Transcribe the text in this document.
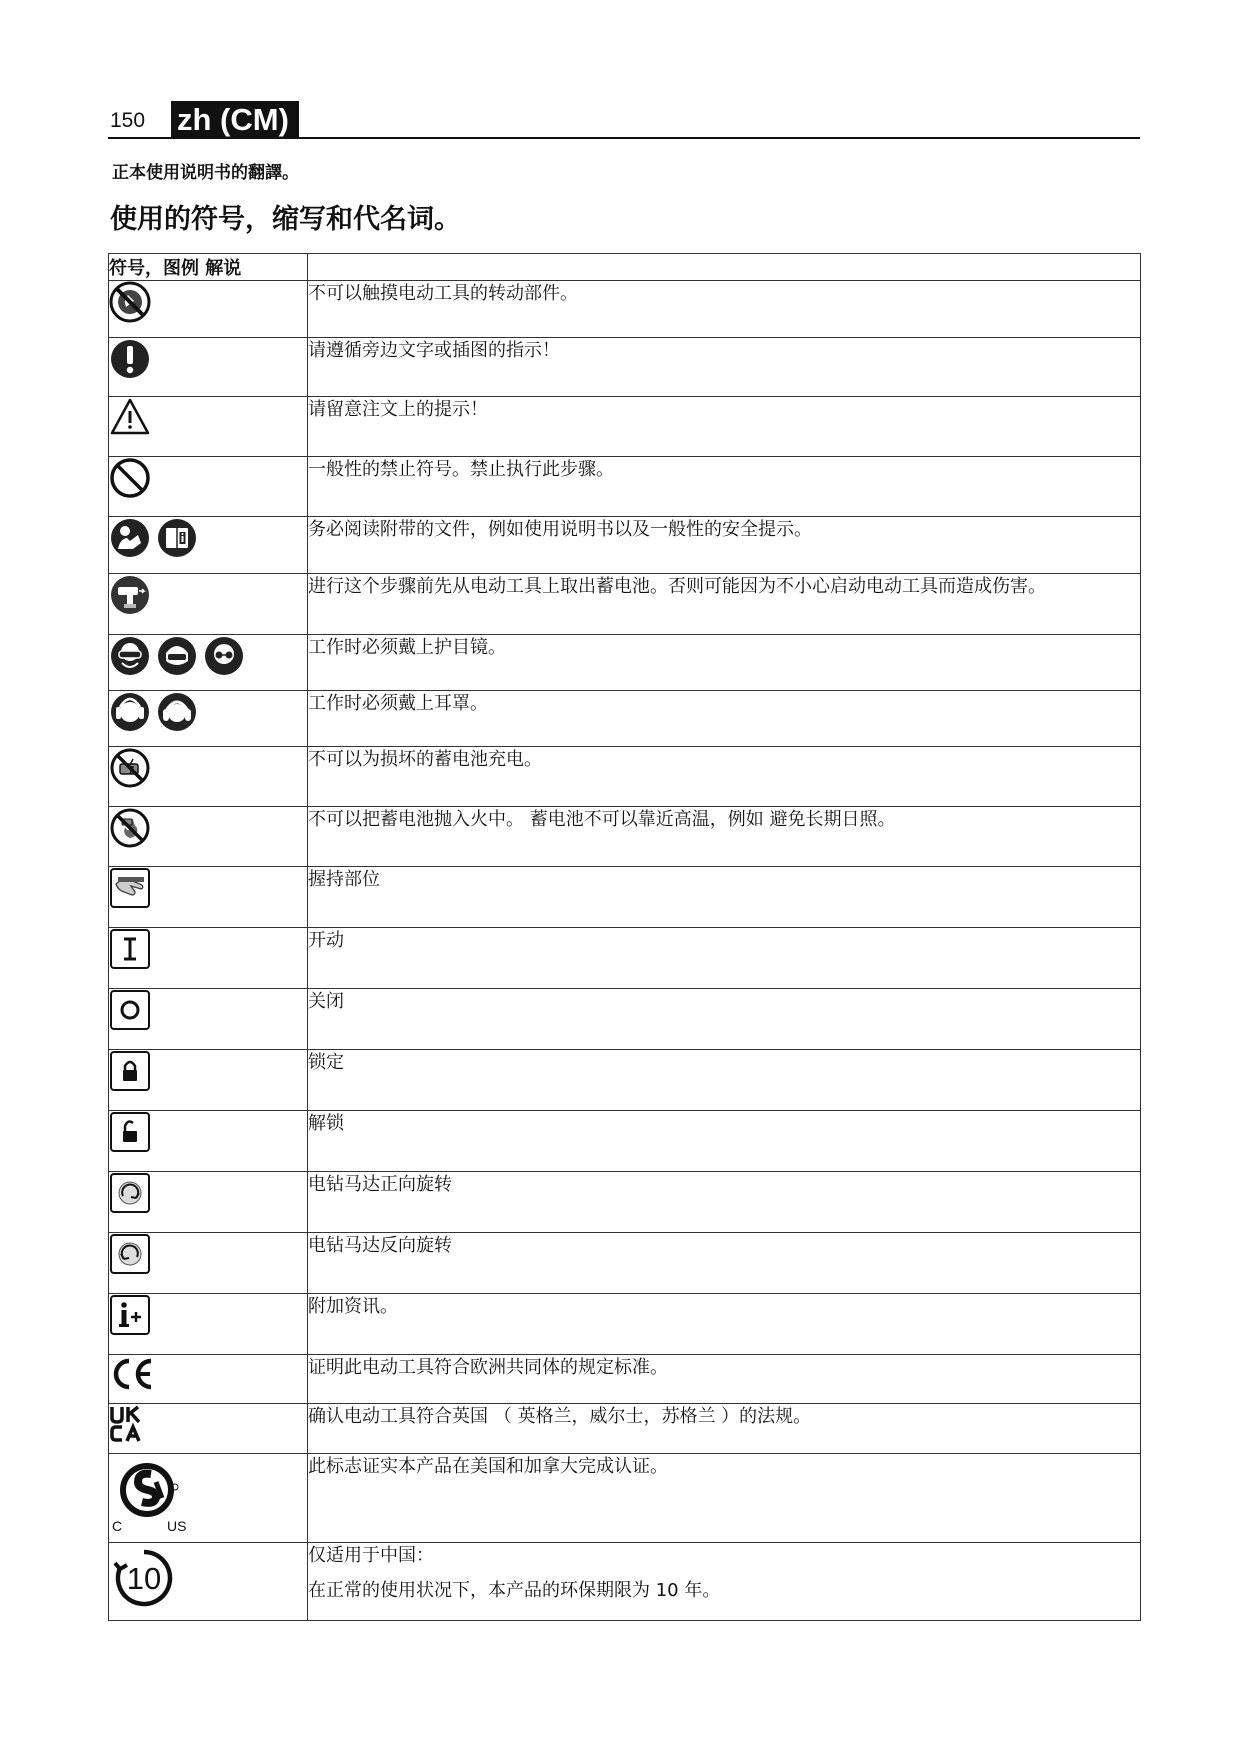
150 zh (CM)
正本使用说明书的翻譯。
使用的符号，缩写和代名词。
符号，图例 解说	

	不可以触摸电动工具的转动部件。

	请遵循旁边文字或插图的指示！

	请留意注文上的提示！

	一般性的禁止符号。禁止执行此步骤。

	务必阅读附带的文件，例如使用说明书以及一般性的安全提示。

	进行这个步骤前先从电动工具上取出蓄电池。否则可能因为不小心启动电动工具而造成伤害。

	工作时必须戴上护目镜。

	工作时必须戴上耳罩。

	不可以为损坏的蓄电池充电。

	不可以把蓄电池抛入火中。 蓄电池不可以靠近高温，例如 避免长期日照。

	握持部位

	开动

	关闭

	锁定

	解锁

	电钻马达正向旋转

	电钻马达反向旋转

	附加资讯。

	证明此电动工具符合欧洲共同体的规定标准。

	确认电动工具符合英国 （ 英格兰，威尔士，苏格兰 ）的法规。

C US	此标志证实本产品在美国和加拿大完成认证。

10	仅适用于中国：
在正常的使用状况下，本产品的环保期限为 10 年。
